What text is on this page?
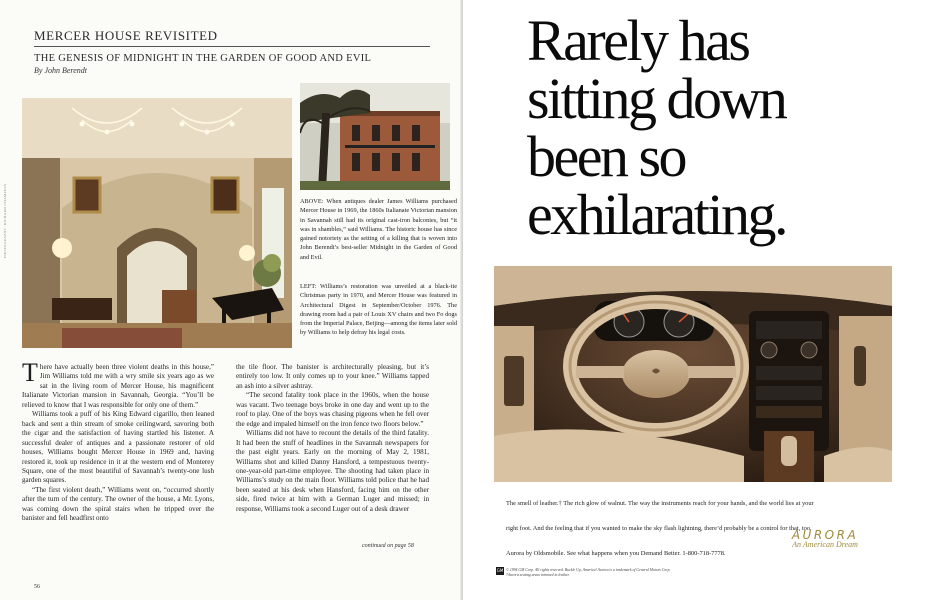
MERCER HOUSE REVISITED
THE GENESIS OF MIDNIGHT IN THE GARDEN OF GOOD AND EVIL
By John Berendt
PHOTOGRAPHY: RICHARD CHAMPION	ABOVE: When antiques dealer James Williams purchased Mercer House in 1969, the 1860s Italianate Victorian mansion in Savannah still had its original cast-iron balconies, but “it was in shambles,” said Williams. The historic house has since gained notoriety as the setting of a killing that is woven into John Berendt’s best-seller Midnight in the Garden of Good and Evil.
LEFT: Williams’s restoration was unveiled at a black-tie Christmas party in 1970, and Mercer House was featured in Architectural Digest in September/October 1976. The drawing room had a pair of Louis XV chairs and two Fo dogs from the Imperial Palace, Beijing—among the items later sold by Williams to help defray his legal costs.

There have actually been three violent deaths in this house,” Jim Williams told me with a wry smile six years ago as we sat in the living room of Mercer House, his magnificent Italianate Victorian mansion in Savannah, Georgia. “You’ll be relieved to know that I was responsible for only one of them.”

Williams took a puff of his King Edward cigarillo, then leaned back and sent a thin stream of smoke ceilingward, savoring both the cigar and the satisfaction of having startled his listener. A successful dealer of antiques and a passionate restorer of old houses, Williams bought Mercer House in 1969 and, having restored it, took up residence in it at the western end of Monterey Square, one of the most beautiful of Savannah’s twenty-one lush garden squares.

“The first violent death,” Williams went on, “occurred shortly after the turn of the century. The owner of the house, a Mr. Lyons, was coming down the spiral stairs when he tripped over the banister and fell headfirst onto

the tile floor. The banister is architecturally pleasing, but it’s entirely too low. It only comes up to your knee.” Williams tapped an ash into a silver ashtray.

“The second fatality took place in the 1960s, when the house was vacant. Two teenage boys broke in one day and went up to the roof to play. One of the boys was chasing pigeons when he fell over the edge and impaled himself on the iron fence two floors below.”

Williams did not have to recount the details of the third fatality. It had been the stuff of headlines in the Savannah newspapers for the past eight years. Early on the morning of May 2, 1981, Williams shot and killed Danny Hansford, a tempestuous twenty-one-year-old part-time employee. The shooting had taken place in Williams’s study on the main floor. Williams told police that he had been seated at his desk when Hansford, facing him on the other side, fired twice at him with a German Luger and missed; in response, Williams took a second Luger out of a desk drawer

continued on page 58
56
Rarely has
sitting down
been so
exhilarating.
The smell of leather.† The rich glow of walnut. The way the instruments reach for your hands, and the world lies at your
right foot. And the feeling that if you wanted to make the sky flash lightning, there’d probably be a control for that, too.
Aurora by Oldsmobile. See what happens when you Demand Better. 1-800-718-7778.
AURORA
An American Dream
GM © 1994 GM Corp. All rights reserved. Buckle Up, America! Aurora is a trademark of General Motors Corp.
†Aurora seating areas trimmed in leather.
